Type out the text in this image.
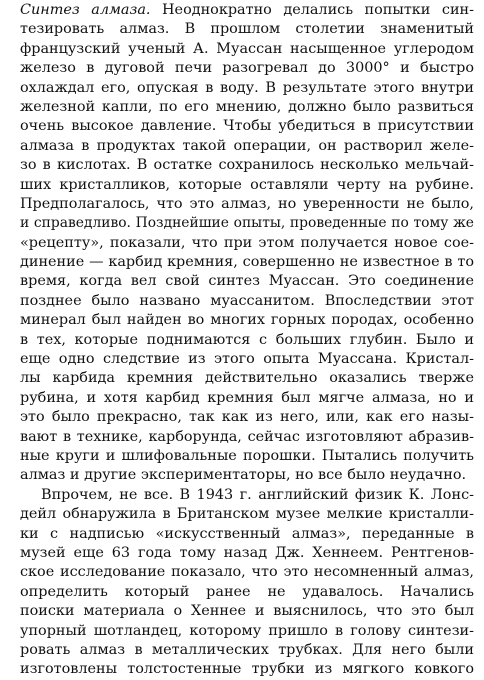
Синтез алмаза. Неоднократно делались попытки син-
тезировать алмаз. В прошлом столетии знаменитый
французский ученый А. Муассан насыщенное углеродом
железо в дуговой печи разогревал до 3000° и быстро
охлаждал его, опуская в воду. В результате этого внутри
железной капли, по его мнению, должно было развиться
очень высокое давление. Чтобы убедиться в присутствии
алмаза в продуктах такой операции, он растворил желе-
зо в кислотах. В остатке сохранилось несколько мельчай-
ших кристалликов, которые оставляли черту на рубине.
Предполагалось, что это алмаз, но уверенности не было,
и справедливо. Позднейшие опыты, проведенные по тому же
«рецепту», показали, что при этом получается новое сое-
динение — карбид кремния, совершенно не известное в то
время, когда вел свой синтез Муассан. Это соединение
позднее было названо муассанитом. Впоследствии этот
минерал был найден во многих горных породах, особенно
в тех, которые поднимаются с больших глубин. Было и
еще одно следствие из этого опыта Муассана. Кристал-
лы карбида кремния действительно оказались тверже
рубина, и хотя карбид кремния был мягче алмаза, но и
это было прекрасно, так как из него, или, как его назы-
вают в технике, карборунда, сейчас изготовляют абразив-
ные круги и шлифовальные порошки. Пытались получить
алмаз и другие экспериментаторы, но все было неудачно.

Впрочем, не все. В 1943 г. английский физик К. Лонс-
дейл обнаружила в Британском музее мелкие кристалли-
ки с надписью «искусственный алмаз», переданные в
музей еще 63 года тому назад Дж. Хеннеем. Рентгенов-
ское исследование показало, что это несомненный алмаз,
определить который ранее не удавалось. Начались
поиски материала о Хеннее и выяснилось, что это был
упорный шотландец, которому пришло в голову синтези-
ровать алмаз в металлических трубках. Для него были
изготовлены толстостенные трубки из мягкого ковкого
